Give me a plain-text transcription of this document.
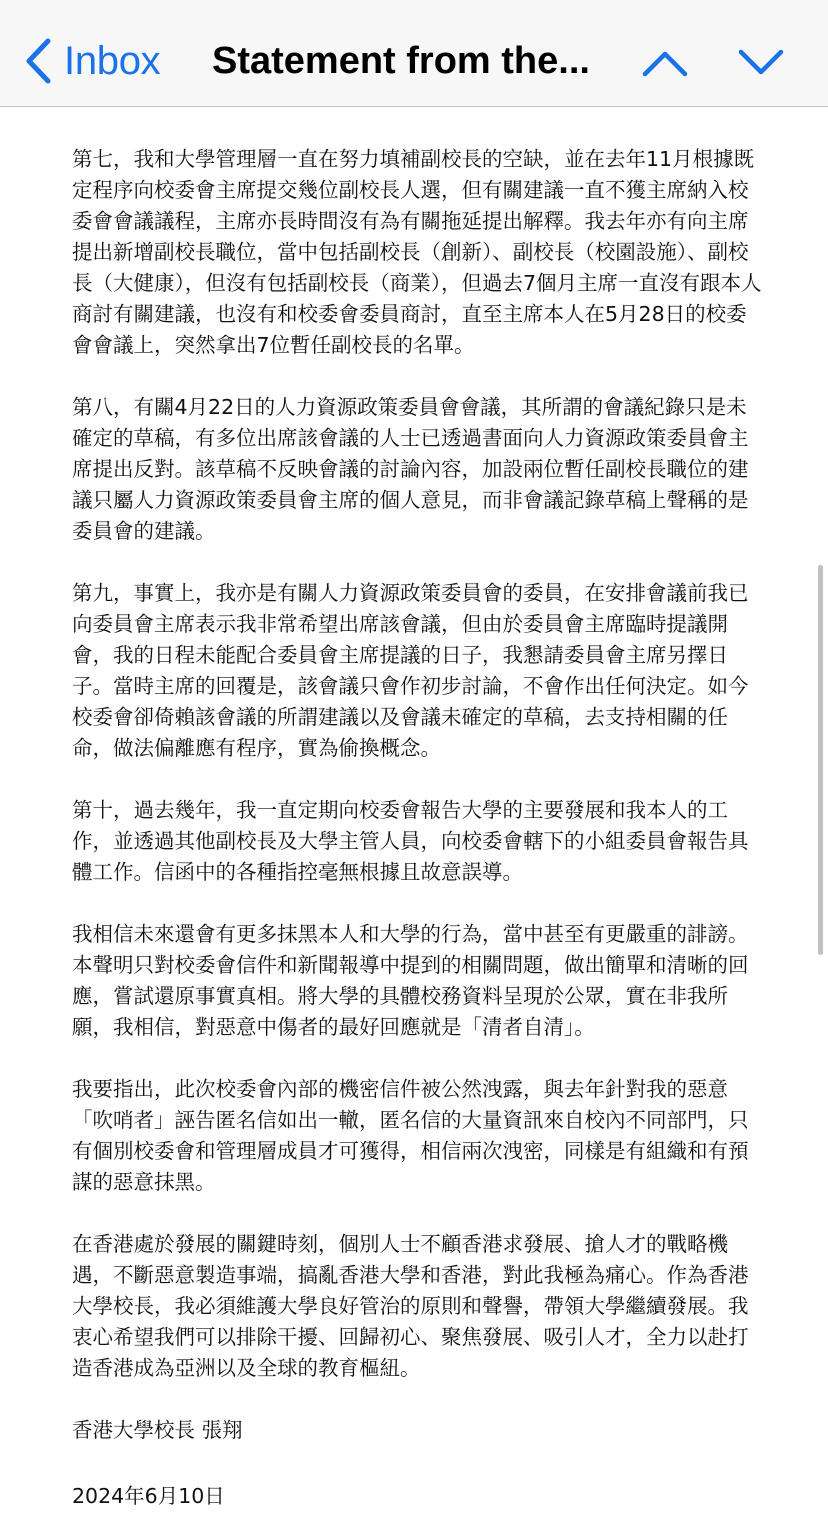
Inbox Statement from the...

第七，我和大學管理層一直在努力填補副校長的空缺，並在去年11月根據既定程序向校委會主席提交幾位副校長人選，但有關建議一直不獲主席納入校委會會議議程，主席亦長時間沒有為有關拖延提出解釋。我去年亦有向主席提出新增副校長職位，當中包括副校長（創新）、副校長（校園設施）、副校長（大健康），但沒有包括副校長（商業），但過去7個月主席一直沒有跟本人商討有關建議，也沒有和校委會委員商討，直至主席本人在5月28日的校委會會議上，突然拿出7位暫任副校長的名單。

第八，有關4月22日的人力資源政策委員會會議，其所謂的會議紀錄只是未確定的草稿，有多位出席該會議的人士已透過書面向人力資源政策委員會主席提出反對。該草稿不反映會議的討論內容，加設兩位暫任副校長職位的建議只屬人力資源政策委員會主席的個人意見，而非會議記錄草稿上聲稱的是委員會的建議。

第九，事實上，我亦是有關人力資源政策委員會的委員，在安排會議前我已向委員會主席表示我非常希望出席該會議，但由於委員會主席臨時提議開會，我的日程未能配合委員會主席提議的日子，我懇請委員會主席另擇日子。當時主席的回覆是，該會議只會作初步討論，不會作出任何決定。如今校委會卻倚賴該會議的所謂建議以及會議未確定的草稿，去支持相關的任命，做法偏離應有程序，實為偷換概念。

第十，過去幾年，我一直定期向校委會報告大學的主要發展和我本人的工作，並透過其他副校長及大學主管人員，向校委會轄下的小組委員會報告具體工作。信函中的各種指控毫無根據且故意誤導。

我相信未來還會有更多抹黑本人和大學的行為，當中甚至有更嚴重的誹謗。本聲明只對校委會信件和新聞報導中提到的相關問題，做出簡單和清晰的回應，嘗試還原事實真相。將大學的具體校務資料呈現於公眾，實在非我所願，我相信，對惡意中傷者的最好回應就是「清者自清」。

我要指出，此次校委會內部的機密信件被公然洩露，與去年針對我的惡意「吹哨者」誣告匿名信如出一轍，匿名信的大量資訊來自校內不同部門，只有個別校委會和管理層成員才可獲得，相信兩次洩密，同樣是有組織和有預謀的惡意抹黑。

在香港處於發展的關鍵時刻，個別人士不顧香港求發展、搶人才的戰略機遇，不斷惡意製造事端，搞亂香港大學和香港，對此我極為痛心。作為香港大學校長，我必須維護大學良好管治的原則和聲譽，帶領大學繼續發展。我衷心希望我們可以排除干擾、回歸初心、聚焦發展、吸引人才，全力以赴打造香港成為亞洲以及全球的教育樞紐。

香港大學校長 張翔

2024年6月10日
